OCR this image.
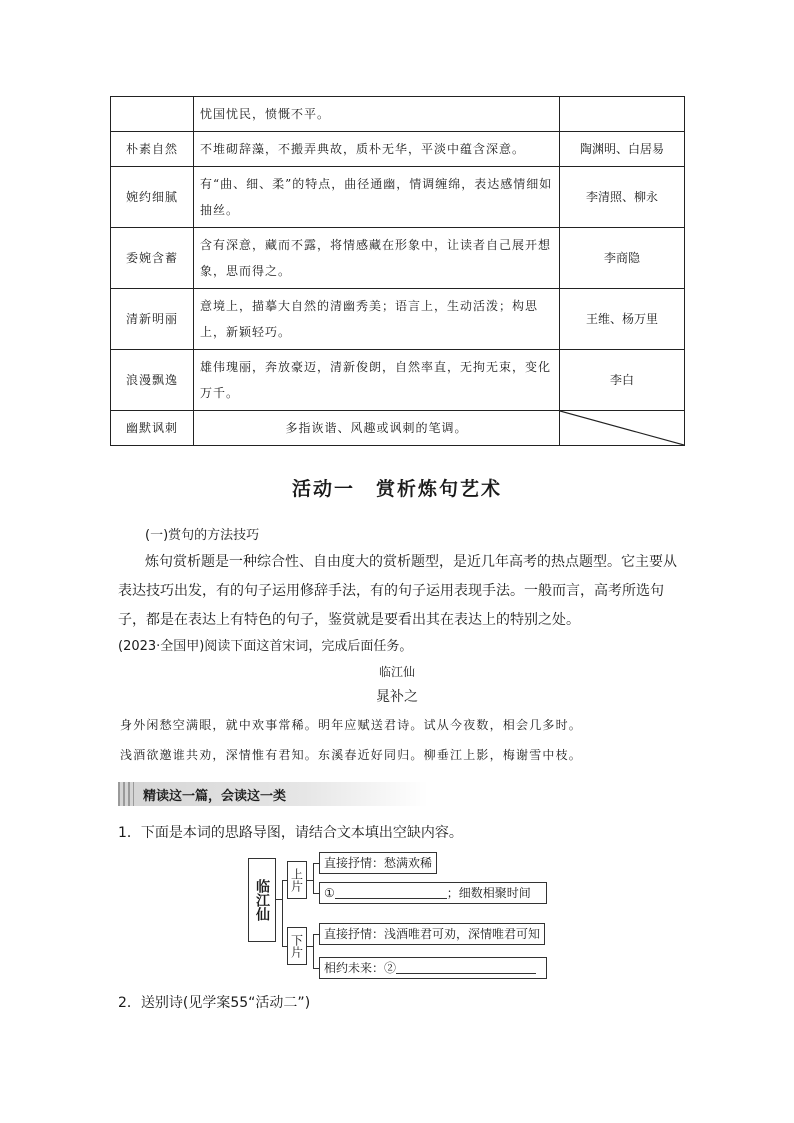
	忧国忧民，愤慨不平。	
朴素自然	不堆砌辞藻，不搬弄典故，质朴无华，平淡中蕴含深意。	陶渊明、白居易
婉约细腻	有“曲、细、柔”的特点，曲径通幽，情调缠绵，表达感情细如抽丝。	李清照、柳永
委婉含蓄	含有深意，藏而不露，将情感藏在形象中，让读者自己展开想象，思而得之。	李商隐
清新明丽	意境上，描摹大自然的清幽秀美；语言上，生动活泼；构思上，新颖轻巧。	王维、杨万里
浪漫飘逸	雄伟瑰丽，奔放豪迈，清新俊朗，自然率直，无拘无束，变化万千。	李白
幽默讽刺	多指诙谐、风趣或讽刺的笔调。	
活动一　赏析炼句艺术
(一)赏句的方法技巧
炼句赏析题是一种综合性、自由度大的赏析题型，是近几年高考的热点题型。它主要从表达技巧出发，有的句子运用修辞手法，有的句子运用表现手法。一般而言，高考所选句子，都是在表达上有特色的句子，鉴赏就是要看出其在表达上的特别之处。
(2023·全国甲)阅读下面这首宋词，完成后面任务。
临江仙
晁补之
身外闲愁空满眼，就中欢事常稀。明年应赋送君诗。试从今夜数，相会几多时。
浅酒欲邀谁共劝，深情惟有君知。东溪春近好同归。柳垂江上影，梅谢雪中枝。
精读这一篇，会读这一类
1．下面是本词的思路导图，请结合文本填出空缺内容。
临江仙	上片
下片
直接抒情：愁满欢稀
①	；细数相聚时间
直接抒情：浅酒唯君可劝，深情唯君可知
相约未来：②
2．送别诗(见学案55“活动二”)
